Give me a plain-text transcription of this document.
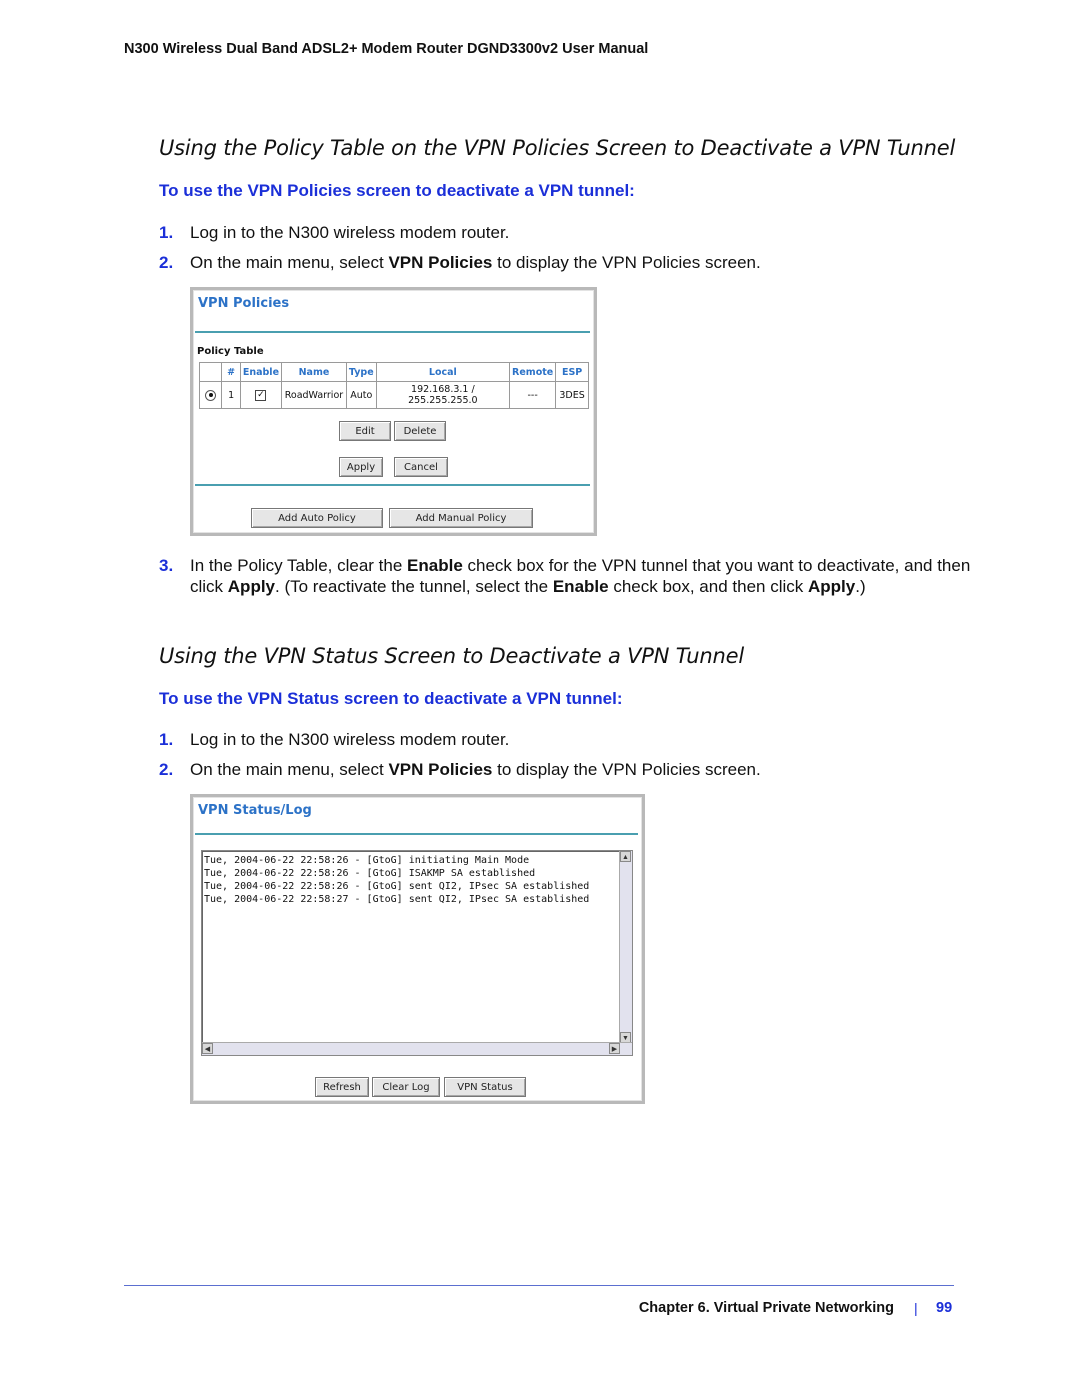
N300 Wireless Dual Band ADSL2+ Modem Router DGND3300v2 User Manual
Using the Policy Table on the VPN Policies Screen to Deactivate a VPN Tunnel
To use the VPN Policies screen to deactivate a VPN tunnel:
1. Log in to the N300 wireless modem router.
2. On the main menu, select VPN Policies to display the VPN Policies screen.
VPN Policies
Policy Table
	#	Enable	Name	Type	Local	Remote	ESP
	1	✓	RoadWarrior	Auto	192.168.3.1 / 255.255.255.0	---	3DES
Edit	Delete
Apply	Cancel
Add Auto Policy	Add Manual Policy
3. In the Policy Table, clear the Enable check box for the VPN tunnel that you want to deactivate, and then click Apply. (To reactivate the tunnel, select the Enable check box, and then click Apply.)
Using the VPN Status Screen to Deactivate a VPN Tunnel
To use the VPN Status screen to deactivate a VPN tunnel:
1. Log in to the N300 wireless modem router.
2. On the main menu, select VPN Policies to display the VPN Policies screen.
VPN Status/Log
Tue, 2004-06-22 22:58:26 - [GtoG] initiating Main Mode
Tue, 2004-06-22 22:58:26 - [GtoG] ISAKMP SA established
Tue, 2004-06-22 22:58:26 - [GtoG] sent QI2, IPsec SA established
Tue, 2004-06-22 22:58:27 - [GtoG] sent QI2, IPsec SA established
▲
▼
◀	▶
Refresh	Clear Log	VPN Status
Chapter 6. Virtual Private Networking | 99
